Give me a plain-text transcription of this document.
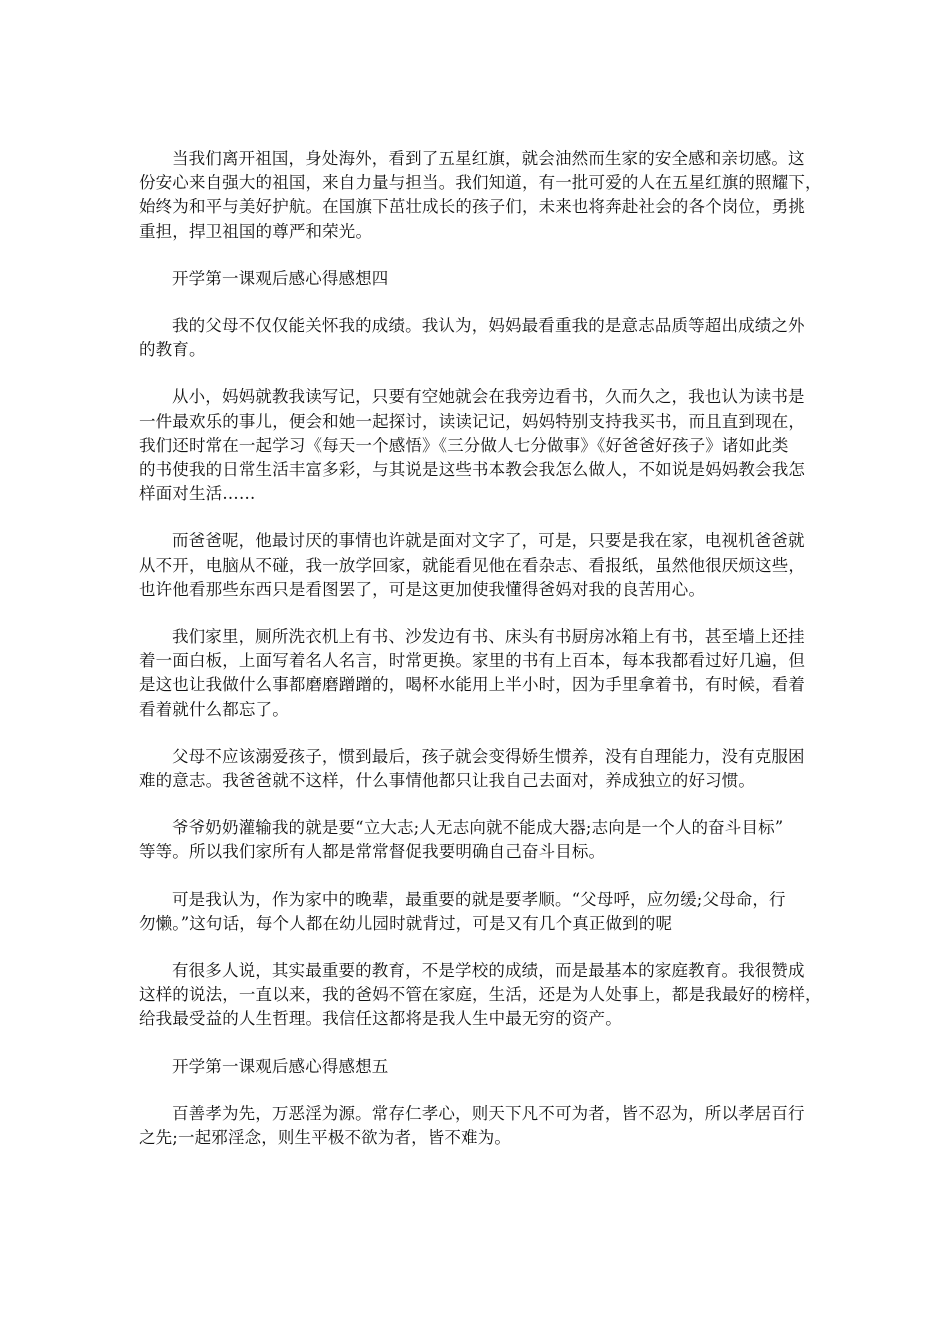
当我们离开祖国，身处海外，看到了五星红旗，就会油然而生家的安全感和亲切感。这
份安心来自强大的祖国，来自力量与担当。我们知道，有一批可爱的人在五星红旗的照耀下，
始终为和平与美好护航。在国旗下茁壮成长的孩子们，未来也将奔赴社会的各个岗位，勇挑
重担，捍卫祖国的尊严和荣光。

开学第一课观后感心得感想四

我的父母不仅仅能关怀我的成绩。我认为，妈妈最看重我的是意志品质等超出成绩之外
的教育。

从小，妈妈就教我读写记，只要有空她就会在我旁边看书，久而久之，我也认为读书是
一件最欢乐的事儿，便会和她一起探讨，读读记记，妈妈特别支持我买书，而且直到现在，
我们还时常在一起学习《每天一个感悟》《三分做人七分做事》《好爸爸好孩子》诸如此类
的书使我的日常生活丰富多彩，与其说是这些书本教会我怎么做人，不如说是妈妈教会我怎
样面对生活……

而爸爸呢，他最讨厌的事情也许就是面对文字了，可是，只要是我在家，电视机爸爸就
从不开，电脑从不碰，我一放学回家，就能看见他在看杂志、看报纸，虽然他很厌烦这些，
也许他看那些东西只是看图罢了，可是这更加使我懂得爸妈对我的良苦用心。

我们家里，厕所洗衣机上有书、沙发边有书、床头有书厨房冰箱上有书，甚至墙上还挂
着一面白板，上面写着名人名言，时常更换。家里的书有上百本，每本我都看过好几遍，但
是这也让我做什么事都磨磨蹭蹭的，喝杯水能用上半小时，因为手里拿着书，有时候，看着
看着就什么都忘了。

父母不应该溺爱孩子，惯到最后，孩子就会变得娇生惯养，没有自理能力，没有克服困
难的意志。我爸爸就不这样，什么事情他都只让我自己去面对，养成独立的好习惯。

爷爷奶奶灌输我的就是要“立大志;人无志向就不能成大器;志向是一个人的奋斗目标”
等等。所以我们家所有人都是常常督促我要明确自己奋斗目标。

可是我认为，作为家中的晚辈，最重要的就是要孝顺。“父母呼，应勿缓;父母命，行
勿懒。”这句话，每个人都在幼儿园时就背过，可是又有几个真正做到的呢

有很多人说，其实最重要的教育，不是学校的成绩，而是最基本的家庭教育。我很赞成
这样的说法，一直以来，我的爸妈不管在家庭，生活，还是为人处事上，都是我最好的榜样，
给我最受益的人生哲理。我信任这都将是我人生中最无穷的资产。

开学第一课观后感心得感想五

百善孝为先，万恶淫为源。常存仁孝心，则天下凡不可为者，皆不忍为，所以孝居百行
之先;一起邪淫念，则生平极不欲为者，皆不难为。
